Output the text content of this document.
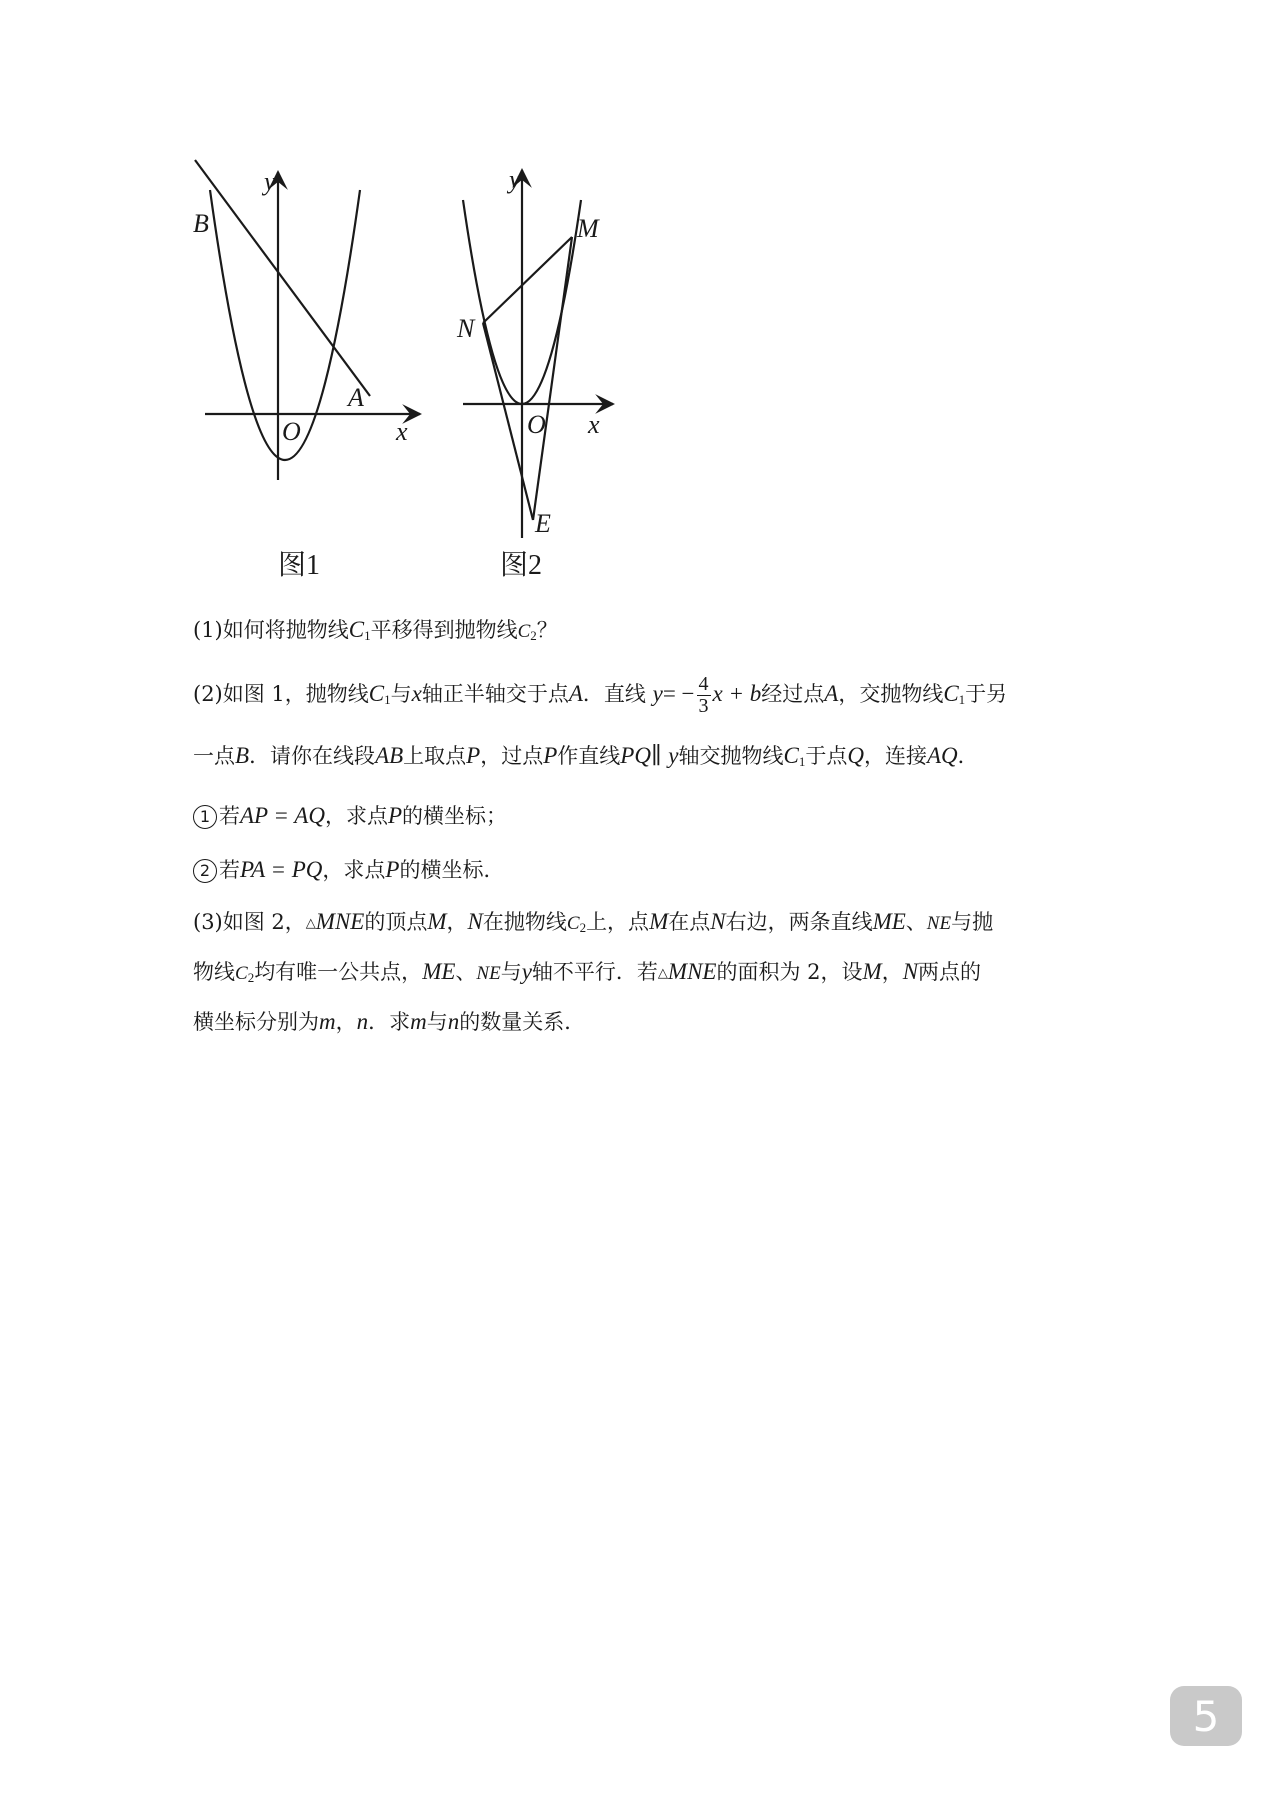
y
B
A
O	x
图1
y
M
N
O x
E
图2
(1)如何将抛物线$C_1$平移得到抛物线$C_2$？
(2)如图 1，抛物线$C_1$与x轴正半轴交于点A．直线 $y= - \frac{4}{3}$ x + b经过点A，交抛物线$C_1$于另
一点B．请你在线段AB上取点P，过点P作直线PQ∥ y轴交抛物线$C_1$于点Q，连接AQ．
1 若AP = AQ，求点P的横坐标；
2 若PA = PQ，求点P的横坐标．
(3)如图 2，△MNE的顶点M，N在抛物线$C_2$上，点M在点N右边，两条直线ME、NE与抛
物线$C_2$均有唯一公共点，ME、NE与y轴不平行．若△MNE的面积为 2，设M，N两点的
横坐标分别为m，n．求m与n的数量关系．
5
